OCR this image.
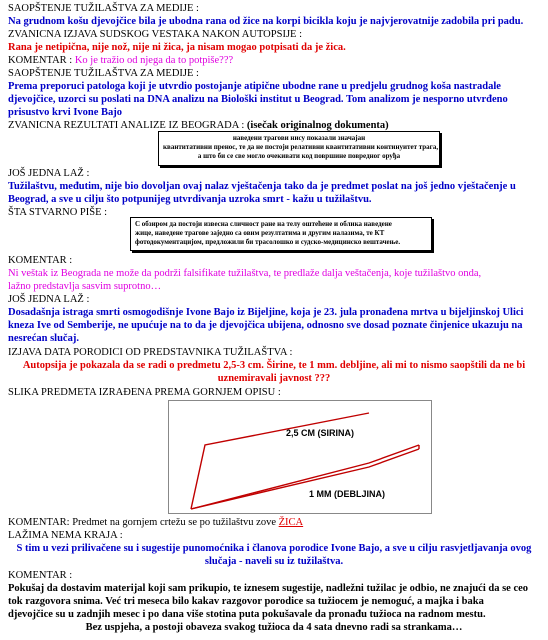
SAOPŠTENJE TUŽILAŠTVA ZA MEDIJE :
Na grudnom košu djevojčice bila je ubodna rana od žice na korpi bicikla koju je najvjerovatnije zadobila pri padu.
ZVANICNA IZJAVA SUDSKOG VESTAKA NAKON AUTOPSIJE :
Rana je netipična, nije nož, nije ni žica, ja nisam mogao potpisati da je žica.
KOMENTAR : Ko je tražio od njega da to potpiše???
SAOPŠTENJE TUŽILAŠTVA ZA MEDIJE :
Prema preporuci patologa koji je utvrdio postojanje atipične ubodne rane u predjelu grudnog koša nastradale
djevojčice, uzorci su poslati na DNA analizu na Biološki institut u Beograd. Tom analizom je nesporno utvrđeno
prisustvo krvi Ivone Bajo
ZVANICNA REZULTATI ANALIZE IZ BEOGRADA : (isečak originalnog dokumenta)
наведени трагови нису показали значајан
квантитативни пренос, те да не постоји релативни квантитативни континуитет трага,
а што би се све могло очекивати код површине повредног оруђа
JOŠ JEDNA LAŽ :
Tužilaštvu, međutim, nije bio dovoljan ovaj nalaz vještačenja tako da je predmet poslat na još jedno vještačenje u
Beograd, a sve u cilju što potpunijeg utvrdivanja uzroka smrt - kažu u tužilaštvu.
ŠTA STVARNO PIŠE :
С обзиром да постоји извесна сличност ране на телу оштећене и облика наведене
жице, наведене трагове заједно са овим резултатима и другим налазима, те КТ
фотодокументацијом, предложили би трасолошко и судско-медицинско вештачење.
KOMENTAR :
Ni veštak iz Beograda ne može da podrži falsifikate tužilaštva, te predlaže dalja veštačenja, koje tužilaštvo onda,
lažno predstavlja sasvim suprotno…
JOŠ JEDNA LAŽ :
Dosadašnja istraga smrti osmogodišnje Ivone Bajo iz Bijeljine, koja je 23. jula pronađena mrtva u bijeljinskoj Ulici
kneza Ive od Semberije, ne upućuje na to da je djevojčica ubijena, odnosno sve dosad poznate činjenice ukazuju na
nesrećan slučaj.
IZJAVA DATA PORODICI OD PREDSTAVNIKA TUŽILAŠTVA :
Autopsija je pokazala da se radi o predmetu 2,5-3 cm. Širine, te 1 mm. debljine, ali mi to nismo saopštili da ne bi
uznemiravali javnost ???
SLIKA PREDMETA IZRAĐENA PREMA GORNJEM OPISU :
2,5 CM (SIRINA)
1 MM (DEBLJINA)
KOMENTAR: Predmet na gornjem crtežu se po tužilaštvu zove ŽICA
LAŽIMA NEMA KRAJA :
S tim u vezi prilivačene su i sugestije punomoćnika i članova porodice Ivone Bajo, a sve u cilju rasvjetljavanja ovog
slučaja - naveli su iz tužilaštva.
KOMENTAR :
Pokušaj da dostavim materijal koji sam prikupio, te iznesem sugestije, nadležni tužilac je odbio, ne znajući da se ceo
tok razgovora snima. Već tri meseca bilo kakav razgovor porodice sa tužiocem je nemoguć, a majka i baka
djevojčice su u zadnjih mesec i po dana više stotina puta pokušavale da pronađu tužioca na radnom mestu.
Bez uspjeha, a postoji obaveza svakog tužioca da 4 sata dnevno radi sa strankama…
